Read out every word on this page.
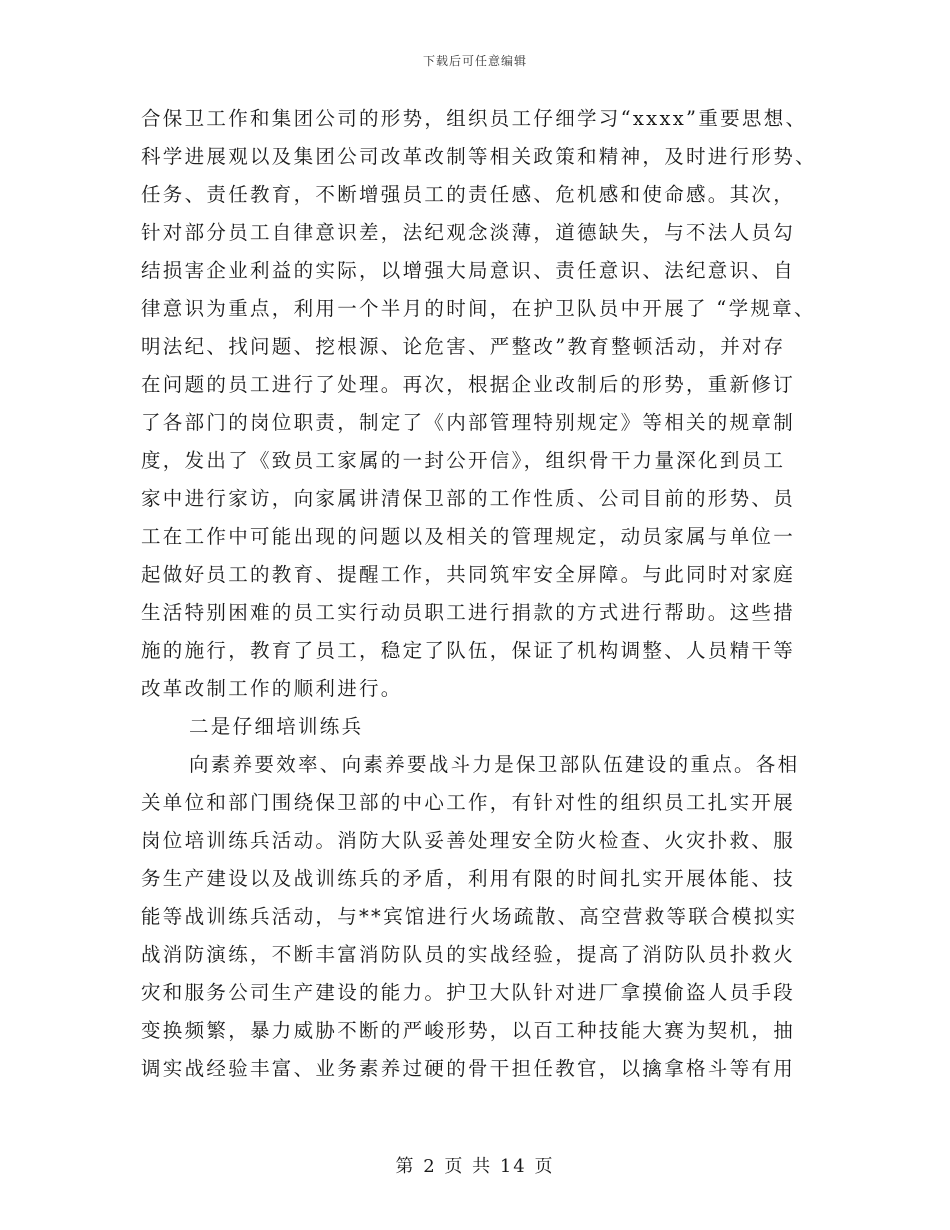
下载后可任意编辑
合保卫工作和集团公司的形势，组织员工仔细学习“xxxx”重要思想、
科学进展观以及集团公司改革改制等相关政策和精神，及时进行形势、
任务、责任教育，不断增强员工的责任感、危机感和使命感。其次，
针对部分员工自律意识差，法纪观念淡薄，道德缺失，与不法人员勾
结损害企业利益的实际，以增强大局意识、责任意识、法纪意识、自
律意识为重点，利用一个半月的时间，在护卫队员中开展了 “学规章、
明法纪、找问题、挖根源、论危害、严整改”教育整顿活动，并对存
在问题的员工进行了处理。再次，根据企业改制后的形势，重新修订
了各部门的岗位职责，制定了《内部管理特别规定》等相关的规章制
度，发出了《致员工家属的一封公开信》，组织骨干力量深化到员工
家中进行家访，向家属讲清保卫部的工作性质、公司目前的形势、员
工在工作中可能出现的问题以及相关的管理规定，动员家属与单位一
起做好员工的教育、提醒工作，共同筑牢安全屏障。与此同时对家庭
生活特别困难的员工实行动员职工进行捐款的方式进行帮助。这些措
施的施行，教育了员工，稳定了队伍，保证了机构调整、人员精干等
改革改制工作的顺利进行。
二是仔细培训练兵
向素养要效率、向素养要战斗力是保卫部队伍建设的重点。各相
关单位和部门围绕保卫部的中心工作，有针对性的组织员工扎实开展
岗位培训练兵活动。消防大队妥善处理安全防火检查、火灾扑救、服
务生产建设以及战训练兵的矛盾，利用有限的时间扎实开展体能、技
能等战训练兵活动，与**宾馆进行火场疏散、高空营救等联合模拟实
战消防演练，不断丰富消防队员的实战经验，提高了消防队员扑救火
灾和服务公司生产建设的能力。护卫大队针对进厂拿摸偷盗人员手段
变换频繁，暴力威胁不断的严峻形势，以百工种技能大赛为契机，抽
调实战经验丰富、业务素养过硬的骨干担任教官，以擒拿格斗等有用
第 2 页 共 14 页
